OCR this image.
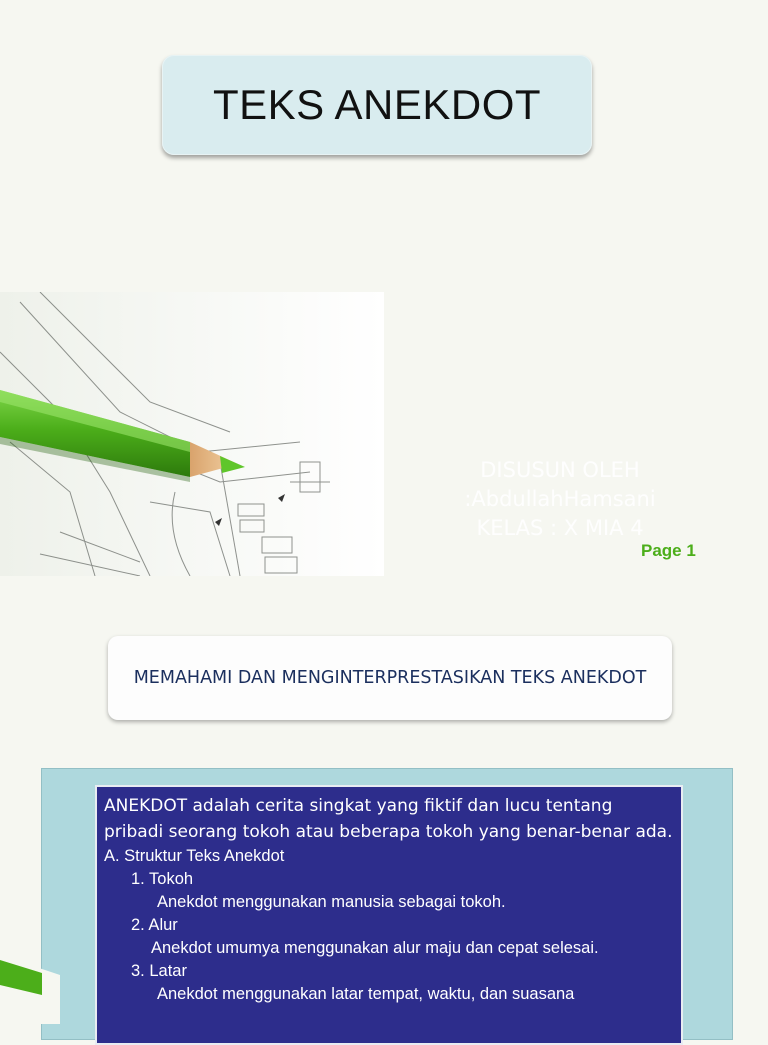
TEKS ANEKDOT
DISUSUN OLEH
:AbdullahHamsani
KELAS : X MIA 4
Page 1
MEMAHAMI DAN MENGINTERPRESTASIKAN TEKS ANEKDOT
ANEKDOT adalah cerita singkat yang fiktif dan lucu tentang pribadi seorang tokoh atau beberapa tokoh yang benar-benar ada.
A. Struktur Teks Anekdot
1. Tokoh
Anekdot menggunakan manusia sebagai tokoh.
2. Alur
Anekdot umumya menggunakan alur maju dan cepat selesai.
3. Latar
Anekdot menggunakan latar tempat, waktu, dan suasana
